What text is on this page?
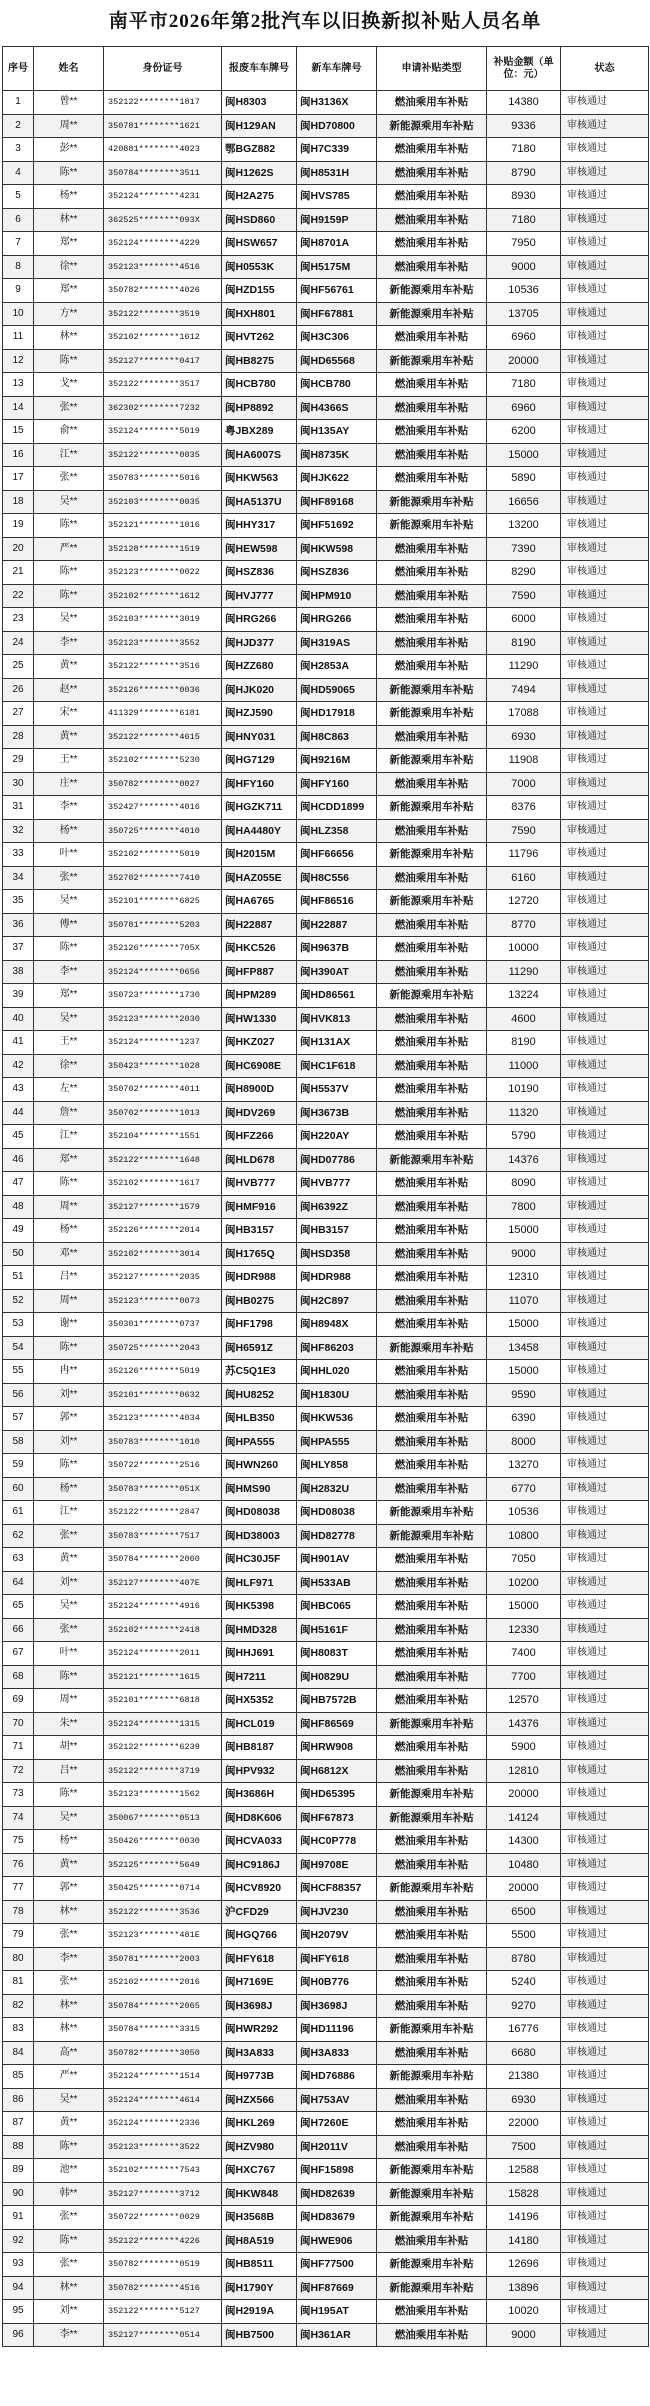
南平市2026年第2批汽车以旧换新拟补贴人员名单
序号	姓名	身份证号	报废车车牌号	新车车牌号	申请补贴类型	补贴金额（单位：元）	状态
1	曾**	352122********1817	闽H8303	闽H3136X	燃油乘用车补贴	14380	审核通过
2	周**	350781********1621	闽H129AN	闽HD70800	新能源乘用车补贴	9336	审核通过
3	彭**	420881********4023	鄂BGZ882	闽H7C339	燃油乘用车补贴	7180	审核通过
4	陈**	350784********3511	闽H1262S	闽H8531H	燃油乘用车补贴	8790	审核通过
5	杨**	352124********4231	闽H2A275	闽HVS785	燃油乘用车补贴	8930	审核通过
6	林**	362525********093X	闽HSD860	闽H9159P	燃油乘用车补贴	7180	审核通过
7	郑**	352124********4229	闽HSW657	闽H8701A	燃油乘用车补贴	7950	审核通过
8	徐**	352123********4516	闽H0553K	闽H5175M	燃油乘用车补贴	9000	审核通过
9	郑**	350782********4026	闽HZD155	闽HF56761	新能源乘用车补贴	10536	审核通过
10	方**	352122********3519	闽HXH801	闽HF67881	新能源乘用车补贴	13705	审核通过
11	林**	352102********1612	闽HVT262	闽H3C306	燃油乘用车补贴	6960	审核通过
12	陈**	352127********0417	闽HB8275	闽HD65568	新能源乘用车补贴	20000	审核通过
13	戈**	352122********3517	闽HCB780	闽HCB780	燃油乘用车补贴	7180	审核通过
14	张**	362302********7232	闽HP8892	闽H4366S	燃油乘用车补贴	6960	审核通过
15	俞**	352124********5019	粤JBX289	闽H135AY	燃油乘用车补贴	6200	审核通过
16	江**	352122********0035	闽HA6007S	闽H8735K	燃油乘用车补贴	15000	审核通过
17	张**	350783********5016	闽HKW563	闽HJK622	燃油乘用车补贴	5890	审核通过
18	吴**	352103********0035	闽HA5137U	闽HF89168	新能源乘用车补贴	16656	审核通过
19	陈**	352121********1016	闽HHY317	闽HF51692	新能源乘用车补贴	13200	审核通过
20	严**	352128********1519	闽HEW598	闽HKW598	燃油乘用车补贴	7390	审核通过
21	陈**	352123********0022	闽HSZ836	闽HSZ836	燃油乘用车补贴	8290	审核通过
22	陈**	352102********1612	闽HVJ777	闽HPM910	燃油乘用车补贴	7590	审核通过
23	吴**	352103********3019	闽HRG266	闽HRG266	燃油乘用车补贴	6000	审核通过
24	李**	352123********3552	闽HJD377	闽H319AS	燃油乘用车补贴	8190	审核通过
25	黄**	352122********3516	闽HZZ680	闽H2853A	燃油乘用车补贴	11290	审核通过
26	赵**	352126********0036	闽HJK020	闽HD59065	新能源乘用车补贴	7494	审核通过
27	宋**	411329********6181	闽HZJ590	闽HD17918	新能源乘用车补贴	17088	审核通过
28	黄**	352122********4615	闽HNY031	闽H8C863	燃油乘用车补贴	6930	审核通过
29	王**	352102********5230	闽HG7129	闽H9216M	新能源乘用车补贴	11908	审核通过
30	庄**	350782********0027	闽HFY160	闽HFY160	燃油乘用车补贴	7000	审核通过
31	李**	352427********4016	闽HGZK711	闽HCDD1899	新能源乘用车补贴	8376	审核通过
32	杨**	350725********4010	闽HA4480Y	闽HLZ358	燃油乘用车补贴	7590	审核通过
33	叶**	352102********5019	闽H2015M	闽HF66656	新能源乘用车补贴	11796	审核通过
34	张**	352702********7410	闽HAZ055E	闽H8C556	燃油乘用车补贴	6160	审核通过
35	吴**	352101********6825	闽HA6765	闽HF86516	新能源乘用车补贴	12720	审核通过
36	傅**	350781********5203	闽H22887	闽H22887	燃油乘用车补贴	8770	审核通过
37	陈**	352126********705X	闽HKC526	闽H9637B	燃油乘用车补贴	10000	审核通过
38	李**	352124********0656	闽HFP887	闽H390AT	燃油乘用车补贴	11290	审核通过
39	郑**	350723********1730	闽HPM289	闽HD86561	新能源乘用车补贴	13224	审核通过
40	吴**	352123********2030	闽HW1330	闽HVK813	燃油乘用车补贴	4600	审核通过
41	王**	352124********1237	闽HKZ027	闽H131AX	燃油乘用车补贴	8190	审核通过
42	徐**	350423********1028	闽HC6908E	闽HC1F618	燃油乘用车补贴	11000	审核通过
43	左**	350702********4011	闽H8900D	闽H5537V	燃油乘用车补贴	10190	审核通过
44	詹**	350702********1013	闽HDV269	闽H3673B	燃油乘用车补贴	11320	审核通过
45	江**	352104********1551	闽HFZ266	闽H220AY	燃油乘用车补贴	5790	审核通过
46	郑**	352122********1648	闽HLD678	闽HD07786	新能源乘用车补贴	14376	审核通过
47	陈**	352102********1617	闽HVB777	闽HVB777	燃油乘用车补贴	8090	审核通过
48	周**	352127********1579	闽HMF916	闽H6392Z	燃油乘用车补贴	7800	审核通过
49	杨**	352126********2014	闽HB3157	闽HB3157	燃油乘用车补贴	15000	审核通过
50	邓**	352102********3014	闽H1765Q	闽HSD358	燃油乘用车补贴	9000	审核通过
51	吕**	352127********2035	闽HDR988	闽HDR988	燃油乘用车补贴	12310	审核通过
52	周**	352123********0073	闽HB0275	闽H2C897	燃油乘用车补贴	11070	审核通过
53	谢**	350301********0737	闽HF1798	闽H8948X	燃油乘用车补贴	15000	审核通过
54	陈**	350725********2043	闽H6591Z	闽HF86203	新能源乘用车补贴	13458	审核通过
55	冉**	352126********5019	苏C5Q1E3	闽HHL020	燃油乘用车补贴	15000	审核通过
56	刘**	352101********0632	闽HU8252	闽H1830U	燃油乘用车补贴	9590	审核通过
57	郭**	352123********4034	闽HLB350	闽HKW536	燃油乘用车补贴	6390	审核通过
58	刘**	350783********1010	闽HPA555	闽HPA555	燃油乘用车补贴	8000	审核通过
59	陈**	350722********2516	闽HWN260	闽HLY858	燃油乘用车补贴	13270	审核通过
60	杨**	350783********051X	闽HMS90	闽H2832U	燃油乘用车补贴	6770	审核通过
61	江**	352122********2847	闽HD08038	闽HD08038	新能源乘用车补贴	10536	审核通过
62	张**	350783********7517	闽HD38003	闽HD82778	新能源乘用车补贴	10800	审核通过
63	黄**	350784********2060	闽HC30J5F	闽H901AV	燃油乘用车补贴	7050	审核通过
64	刘**	352127********407E	闽HLF971	闽H533AB	燃油乘用车补贴	10200	审核通过
65	吴**	352124********4916	闽HK5398	闽HBC065	燃油乘用车补贴	15000	审核通过
66	张**	352102********2418	闽HMD328	闽H5161F	燃油乘用车补贴	12330	审核通过
67	叶**	352124********2011	闽HHJ691	闽H8083T	燃油乘用车补贴	7400	审核通过
68	陈**	352121********1615	闽H7211	闽H0829U	燃油乘用车补贴	7700	审核通过
69	周**	352101********6818	闽HX5352	闽HB7572B	燃油乘用车补贴	12570	审核通过
70	朱**	352124********1315	闽HCL019	闽HF86569	新能源乘用车补贴	14376	审核通过
71	胡**	352122********6239	闽HB8187	闽HRW908	燃油乘用车补贴	5900	审核通过
72	吕**	352122********3719	闽HPV932	闽H6812X	燃油乘用车补贴	12810	审核通过
73	陈**	352123********1562	闽H3686H	闽HD65395	新能源乘用车补贴	20000	审核通过
74	吴**	350067********0513	闽HD8K606	闽HF67873	新能源乘用车补贴	14124	审核通过
75	杨**	350426********0030	闽HCVA033	闽HC0P778	燃油乘用车补贴	14300	审核通过
76	黄**	352125********5649	闽HC9186J	闽H9708E	燃油乘用车补贴	10480	审核通过
77	郭**	350425********0714	闽HCV8920	闽HCF88357	新能源乘用车补贴	20000	审核通过
78	林**	352122********3536	沪CFD29	闽HJV230	燃油乘用车补贴	6500	审核通过
79	张**	352123********481E	闽HGQ766	闽H2079V	燃油乘用车补贴	5500	审核通过
80	李**	350781********2003	闽HFY618	闽HFY618	燃油乘用车补贴	8780	审核通过
81	张**	352102********2016	闽H7169E	闽H0B776	燃油乘用车补贴	5240	审核通过
82	林**	350784********2065	闽H3698J	闽H3698J	燃油乘用车补贴	9270	审核通过
83	林**	350784********3315	闽HWR292	闽HD11196	新能源乘用车补贴	16776	审核通过
84	高**	350782********3050	闽H3A833	闽H3A833	燃油乘用车补贴	6680	审核通过
85	严**	352124********1514	闽H9773B	闽HD76886	新能源乘用车补贴	21380	审核通过
86	吴**	352124********4614	闽HZX566	闽H753AV	燃油乘用车补贴	6930	审核通过
87	黄**	352124********2336	闽HKL269	闽H7260E	燃油乘用车补贴	22000	审核通过
88	陈**	352123********3522	闽HZV980	闽H2011V	燃油乘用车补贴	7500	审核通过
89	池**	352102********7543	闽HXC767	闽HF15898	新能源乘用车补贴	12588	审核通过
90	韩**	352127********3712	闽HKW848	闽HD82639	新能源乘用车补贴	15828	审核通过
91	张**	350722********0029	闽H3568B	闽HD83679	新能源乘用车补贴	14196	审核通过
92	陈**	352122********4226	闽H8A519	闽HWE906	燃油乘用车补贴	14180	审核通过
93	张**	350782********0519	闽HB8511	闽HF77500	新能源乘用车补贴	12696	审核通过
94	林**	350782********4516	闽H1790Y	闽HF87669	新能源乘用车补贴	13896	审核通过
95	刘**	352122********5127	闽H2919A	闽H195AT	燃油乘用车补贴	10020	审核通过
96	李**	352127********0514	闽HB7500	闽H361AR	燃油乘用车补贴	9000	审核通过
